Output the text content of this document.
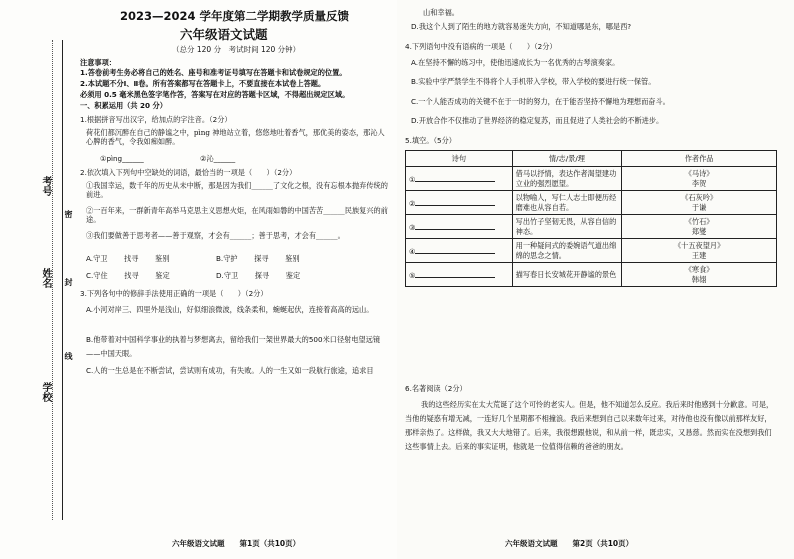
考号
姓名
学校
密
封
线
2023—2024 学年度第二学期教学质量反馈
六年级语文试题
（总分 120 分　考试时间 120 分钟）
注意事项：
1.答卷前考生务必将自己的姓名、座号和准考证号填写在答题卡和试卷规定的位置。
2.本试题不分Ⅰ、Ⅱ卷。所有答案都写在答题卡上，不要直接在本试卷上答题。
必须用 0.5 毫米黑色签字笔作答，答案写在对应的答题卡区域，不得超出规定区域。
一、积累运用（共 20 分）
1.根据拼音写出汉字，给加点的字注音。（2分）
荷花们都沉醉在自己的静谧之中，pìng 神地站立着，悠悠地吐着香气，那优美的姿态，那沁人心脾的香气，令我如痴如醉。
①pìng______	②沁______
2.依次填入下列句中空缺处的词语，最恰当的一项是（　　）（2分）
①我国幸运，数千年的历史从未中断，那是因为我们______了文化之根，没有忘根本抛弃传统的前进。
②一百年来，一群新青年高举马克思主义思想火炬，在风雨如磐的中国苦苦______民族复兴的前途。
③我们要做善于思考者——善于观察，才会有______；善于思考，才会有______。
A.守卫 找寻 鉴别	B.守护 探寻 鉴别
C.守住 找寻 鉴定	D.守卫 探寻 鉴定
3.下列各句中的修辞手法使用正确的一项是（　　）（2分）
A.小河对岸三、四里外是浅山，好似细浪微波，线条柔和，蜿蜒起伏，连接着高高的远山。
B.他带着对中国科学事业的执着与梦想离去，留给我们一架世界最大的500米口径射电望远镜——中国天眼。
C.人的一生总是在不断尝试，尝试则有成功，有失败。人的一生又如一段航行旅途，追求目
六年级语文试题　　第1页（共10页）
山和幸福。
D.我这个人到了陌生的地方就容易迷失方向，不知道哪是东，哪是西?
4.下列语句中没有语病的一项是（　　）（2分）
A.在坚持不懈的练习中，使他迅速成长为一名优秀的古琴演奏家。
B.实验中学严禁学生不得将个人手机带入学校，带入学校的要进行统一保管。
C.一个人能否成功的关键不在于一时的努力，在于能否坚持不懈地为理想而奋斗。
D.开放合作不仅推动了世界经济的稳定复苏，而且促进了人类社会的不断进步。
5.填空。（5分）
诗句	情/志/景/理	作者作品
①	借马以抒情，表达作者渴望建功立业的强烈愿望。	《马诗》
李贺

②	以物喻人，写仁人志士即便历经磨难也从容自若。	《石灰吟》
于谦

③	写出竹子坚韧无畏，从容自信的神态。	《竹石》
郑燮

④	用一种疑问式的委婉语气道出绵绵的思念之情。	《十五夜望月》
王建

⑤	描写春日长安城花开静谧的景色	《寒食》
韩翃
6.名著阅读（2分）
我的这些经历实在太大荒诞了这个可怜的老实人。但是，他不知道怎么反应。我后来时他感到十分歉意。可是，当他的疑惑有增无减，一连好几个星期都不相撞浪。我后来想到自己以来数年过来，对待他也没有像以前那样友好，那样亲热了。这样做，我又大大地错了。后来，我很想跟他说，和从前一样，既忠实，又恳慈。然而实在没想到我们这些事情上去。后来的事实证明，他就是一位值得信赖的爸爸的朋友。
六年级语文试题　　第2页（共10页）
